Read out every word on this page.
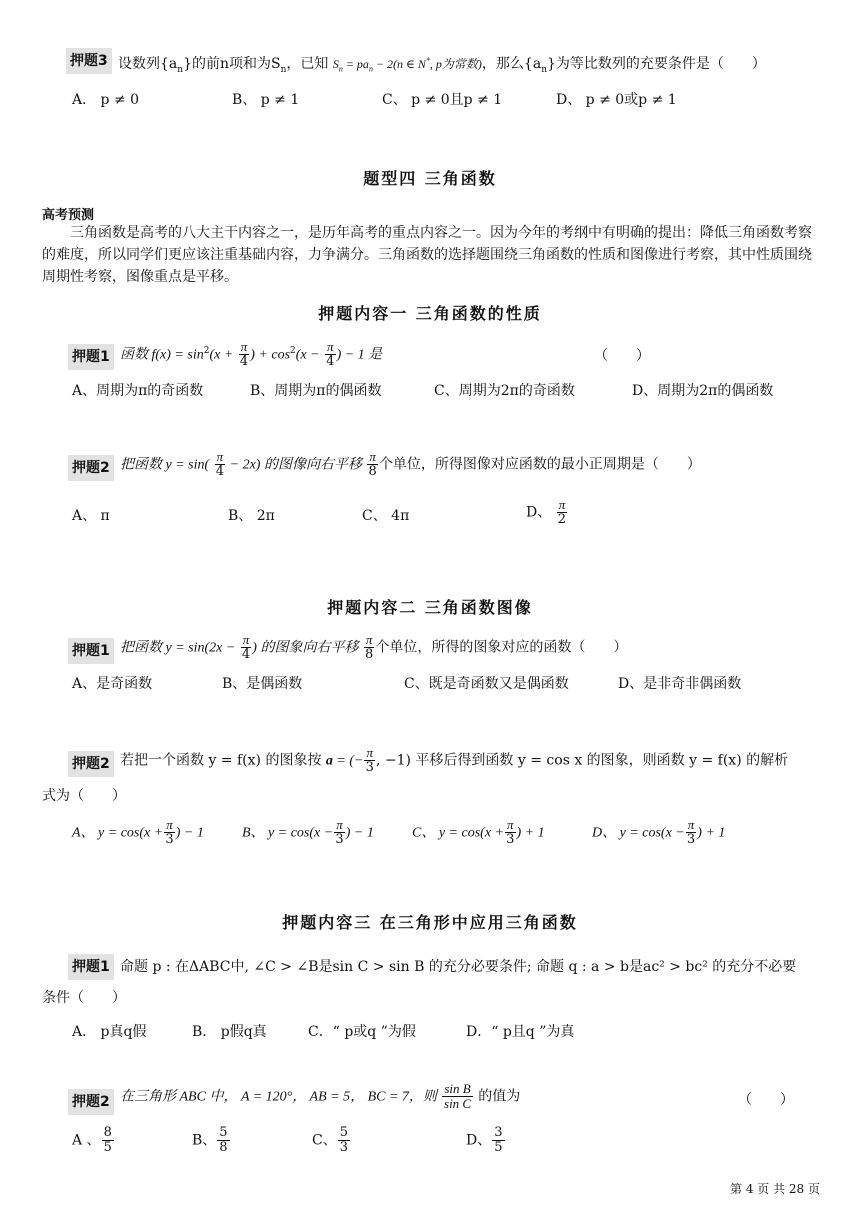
押题3 设数列$\{a_n\}$的前n项和为$S_n$，已知 $S_n = pa_n - 2(n$ ∈ N*, p为常数)，那么$\{a_n\}$为等比数列的充要条件是（　　）
A． p ≠ 0	B、 p ≠ 1	C、 p ≠ 0且p ≠ 1	D、 p ≠ 0或p ≠ 1
题型四 三角函数
高考预测
三角函数是高考的八大主干内容之一，是历年高考的重点内容之一。因为今年的考纲中有明确的提出：降低三角函数考察的难度，所以同学们更应该注重基础内容，力争满分。三角函数的选择题围绕三角函数的性质和图像进行考察，其中性质围绕周期性考察，图像重点是平移。
押题内容一 三角函数的性质
押题1 函数 $f(x) = \sin^2(x + \frac{\pi}{4}$ ) + $\cos^2(x - \frac{\pi}{4}$ ) − 1 是	（　　）
A、周期为π的奇函数	B、周期为π的偶函数	C、周期为2π的奇函数	D、周期为2π的偶函数
押题2 把函数 $y = \sin( \frac{\pi}{4} - 2x)$ 的图像向右平移 $\frac{\pi}{8}$ 个单位，所得图像对应函数的最小正周期是（　　）
A、 π	B、 2π	C、 4π	D、 $\frac{\pi}{2}$
押题内容二 三角函数图像
押题1 把函数 $y = \sin(2x - \frac{\pi}{4}$ ) 的图象向右平移 $\frac{\pi}{8}$ 个单位，所得的图象对应的函数（　　）
A、是奇函数	B、是偶函数	C、既是奇函数又是偶函数	D、是非奇非偶函数
押题2 若把一个函数 y = f(x) 的图象按 a = (− $\frac{\pi}{3}$ , −1) 平移后得到函数 y = cos x 的图象，则函数 y = f(x) 的解析
式为（　　）
A、 $y = \cos(x + \frac{\pi}{3}$ ) − 1	B、 $y = \cos(x - \frac{\pi}{3}$ ) − 1	C、 $y = \cos(x + \frac{\pi}{3}$ ) + 1	D、 $y = \cos(x - \frac{\pi}{3}$ ) + 1
押题内容三 在三角形中应用三角函数
押题1 命题 p : 在ΔABC中, ∠C > ∠B是sin C > sin B 的充分必要条件; 命题 q : a > b是ac² > bc² 的充分不必要
条件（　　）
A． p真q假	B． p假q真	C．“ p或q ”为假	D．“ p且q ”为真
押题2 在三角形 ABC 中， A = 120°， AB = 5， BC = 7，则 $\frac{\text{sin B}}{\text{sin C}}$ 的值为	（　　）
A 、 $\frac{8}{5}$	B、 $\frac{5}{8}$	C、 $\frac{5}{3}$	D、 $\frac{3}{5}$
第 4 页 共 28 页
